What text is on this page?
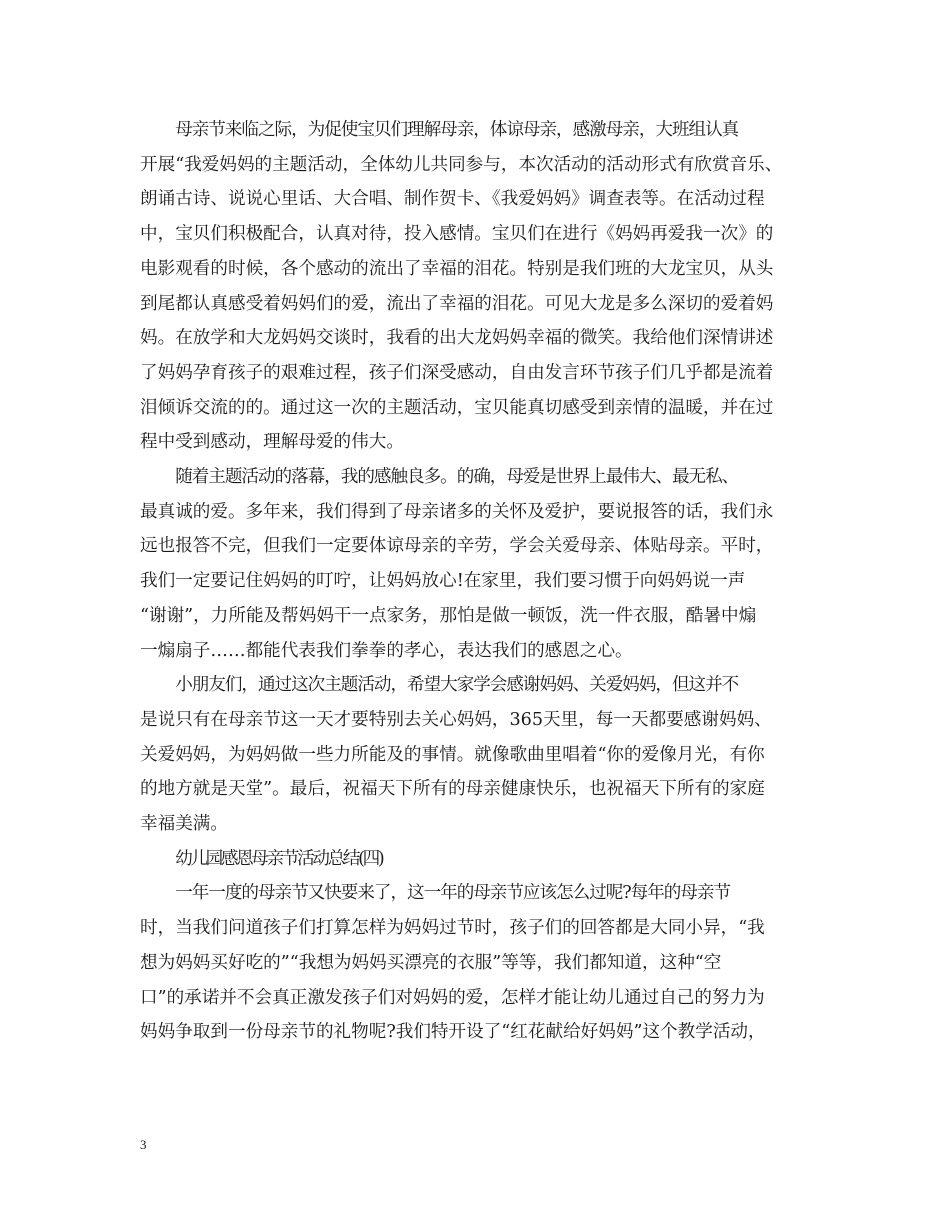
母亲节来临之际，为促使宝贝们理解母亲，体谅母亲，感激母亲，大班组认真
开展“我爱妈妈的主题活动，全体幼儿共同参与，本次活动的活动形式有欣赏音乐、
朗诵古诗、说说心里话、大合唱、制作贺卡、《我爱妈妈》调查表等。在活动过程
中，宝贝们积极配合，认真对待，投入感情。宝贝们在进行《妈妈再爱我一次》的
电影观看的时候，各个感动的流出了幸福的泪花。特别是我们班的大龙宝贝，从头
到尾都认真感受着妈妈们的爱，流出了幸福的泪花。可见大龙是多么深切的爱着妈
妈。在放学和大龙妈妈交谈时，我看的出大龙妈妈幸福的微笑。我给他们深情讲述
了妈妈孕育孩子的艰难过程，孩子们深受感动，自由发言环节孩子们几乎都是流着
泪倾诉交流的的。通过这一次的主题活动，宝贝能真切感受到亲情的温暖，并在过
程中受到感动，理解母爱的伟大。

随着主题活动的落幕，我的感触良多。的确，母爱是世界上最伟大、最无私、
最真诚的爱。多年来，我们得到了母亲诸多的关怀及爱护，要说报答的话，我们永
远也报答不完，但我们一定要体谅母亲的辛劳，学会关爱母亲、体贴母亲。平时，
我们一定要记住妈妈的叮咛，让妈妈放心!在家里，我们要习惯于向妈妈说一声
“谢谢”，力所能及帮妈妈干一点家务，那怕是做一顿饭，洗一件衣服，酷暑中煽
一煽扇子……都能代表我们拳拳的孝心，表达我们的感恩之心。

小朋友们，通过这次主题活动，希望大家学会感谢妈妈、关爱妈妈，但这并不
是说只有在母亲节这一天才要特别去关心妈妈，365天里，每一天都要感谢妈妈、
关爱妈妈，为妈妈做一些力所能及的事情。就像歌曲里唱着“你的爱像月光，有你
的地方就是天堂”。最后，祝福天下所有的母亲健康快乐，也祝福天下所有的家庭
幸福美满。

幼儿园感恩母亲节活动总结(四)

一年一度的母亲节又快要来了，这一年的母亲节应该怎么过呢?每年的母亲节
时，当我们问道孩子们打算怎样为妈妈过节时，孩子们的回答都是大同小异，“我
想为妈妈买好吃的”“我想为妈妈买漂亮的衣服”等等，我们都知道，这种“空
口”的承诺并不会真正激发孩子们对妈妈的爱，怎样才能让幼儿通过自己的努力为
妈妈争取到一份母亲节的礼物呢?我们特开设了“红花献给好妈妈”这个教学活动，

3
